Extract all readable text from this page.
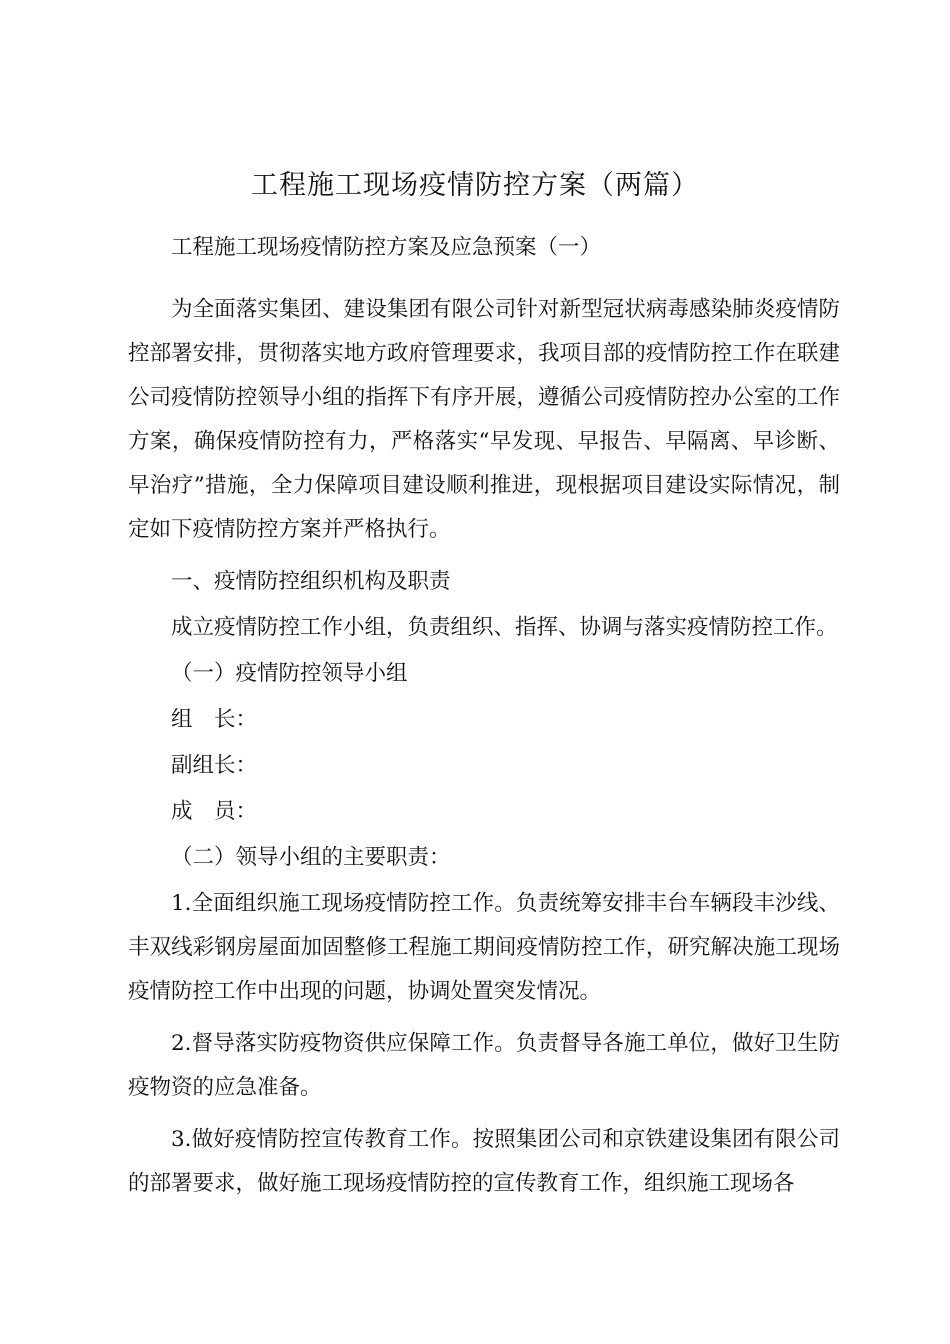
工程施工现场疫情防控方案（两篇）

工程施工现场疫情防控方案及应急预案（一）

为全面落实集团、建设集团有限公司针对新型冠状病毒感染肺炎疫情防控部署安排，贯彻落实地方政府管理要求，我项目部的疫情防控工作在联建公司疫情防控领导小组的指挥下有序开展，遵循公司疫情防控办公室的工作方案，确保疫情防控有力，严格落实“早发现、早报告、早隔离、早诊断、早治疗”措施，全力保障项目建设顺利推进，现根据项目建设实际情况，制定如下疫情防控方案并严格执行。

一、疫情防控组织机构及职责

成立疫情防控工作小组，负责组织、指挥、协调与落实疫情防控工作。

（一）疫情防控领导小组

组　长：

副组长：

成　员：

（二）领导小组的主要职责：

1.全面组织施工现场疫情防控工作。负责统筹安排丰台车辆段丰沙线、丰双线彩钢房屋面加固整修工程施工期间疫情防控工作，研究解决施工现场疫情防控工作中出现的问题，协调处置突发情况。

2.督导落实防疫物资供应保障工作。负责督导各施工单位，做好卫生防疫物资的应急准备。

3.做好疫情防控宣传教育工作。按照集团公司和京铁建设集团有限公司的部署要求，做好施工现场疫情防控的宣传教育工作，组织施工现场各
